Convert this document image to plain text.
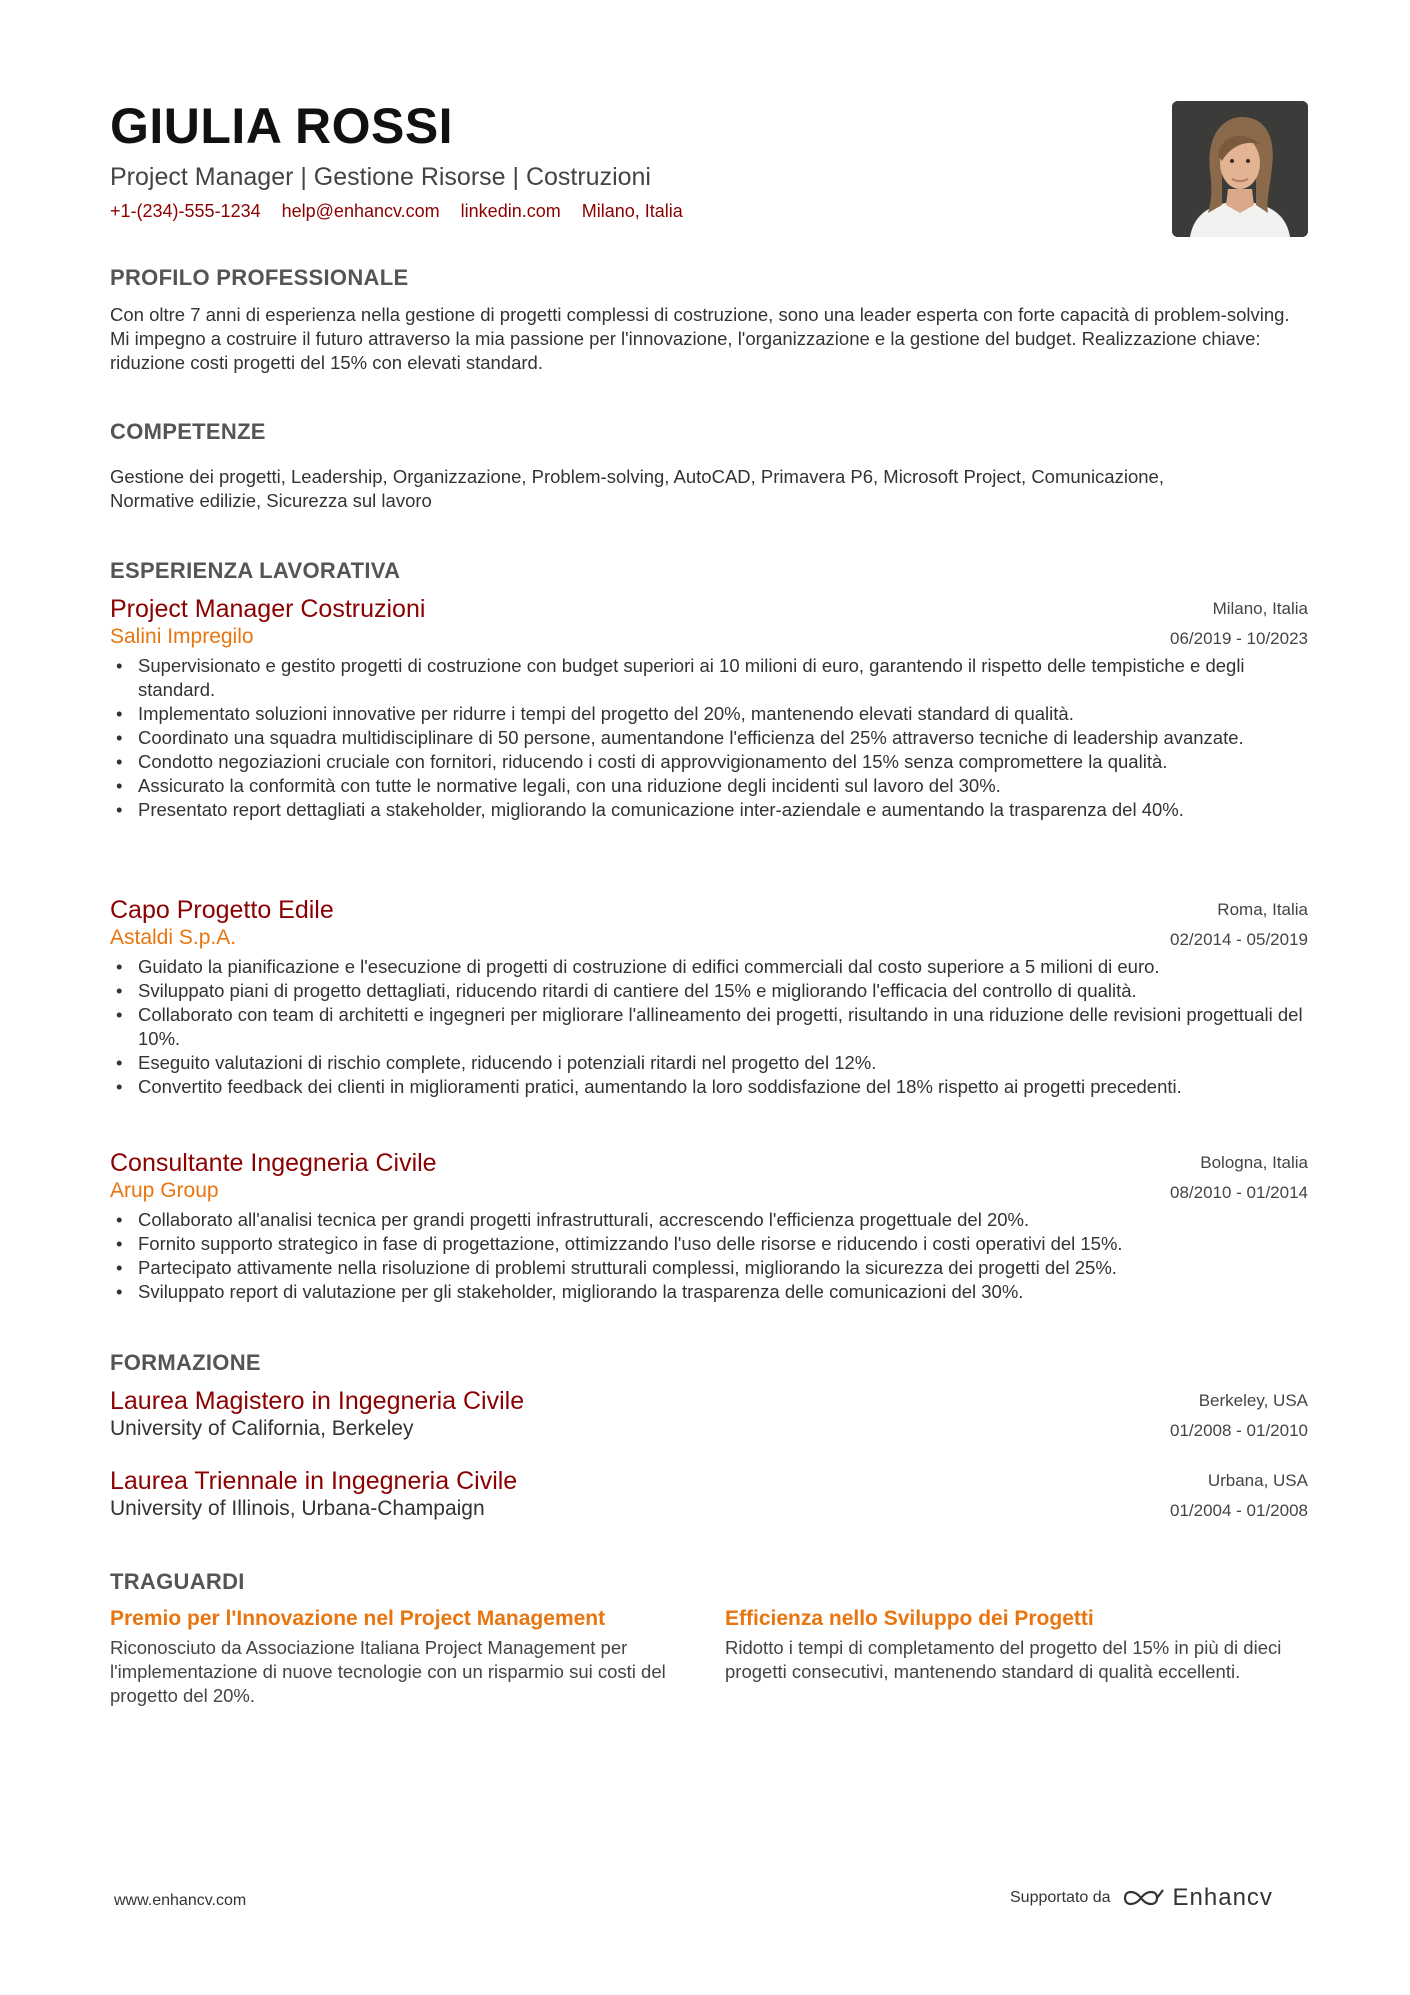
GIULIA ROSSI
Project Manager | Gestione Risorse | Costruzioni
+1-(234)-555-1234 help@enhancv.com linkedin.com Milano, Italia
PROFILO PROFESSIONALE
Con oltre 7 anni di esperienza nella gestione di progetti complessi di costruzione, sono una leader esperta con forte capacità di problem-solving. Mi impegno a costruire il futuro attraverso la mia passione per l'innovazione, l'organizzazione e la gestione del budget. Realizzazione chiave: riduzione costi progetti del 15% con elevati standard.
COMPETENZE
Gestione dei progetti, Leadership, Organizzazione, Problem-solving, AutoCAD, Primavera P6, Microsoft Project, Comunicazione, Normative edilizie, Sicurezza sul lavoro
ESPERIENZA LAVORATIVA
Milano, Italia
06/2019 - 10/2023
Project Manager Costruzioni
Salini Impregilo
• Supervisionato e gestito progetti di costruzione con budget superiori ai 10 milioni di euro, garantendo il rispetto delle tempistiche e degli standard.
• Implementato soluzioni innovative per ridurre i tempi del progetto del 20%, mantenendo elevati standard di qualità.
• Coordinato una squadra multidisciplinare di 50 persone, aumentandone l'efficienza del 25% attraverso tecniche di leadership avanzate.
• Condotto negoziazioni cruciale con fornitori, riducendo i costi di approvvigionamento del 15% senza compromettere la qualità.
• Assicurato la conformità con tutte le normative legali, con una riduzione degli incidenti sul lavoro del 30%.
• Presentato report dettagliati a stakeholder, migliorando la comunicazione inter-aziendale e aumentando la trasparenza del 40%.
Roma, Italia
02/2014 - 05/2019
Capo Progetto Edile
Astaldi S.p.A.
• Guidato la pianificazione e l'esecuzione di progetti di costruzione di edifici commerciali dal costo superiore a 5 milioni di euro.
• Sviluppato piani di progetto dettagliati, riducendo ritardi di cantiere del 15% e migliorando l'efficacia del controllo di qualità.
• Collaborato con team di architetti e ingegneri per migliorare l'allineamento dei progetti, risultando in una riduzione delle revisioni progettuali del 10%.
• Eseguito valutazioni di rischio complete, riducendo i potenziali ritardi nel progetto del 12%.
• Convertito feedback dei clienti in miglioramenti pratici, aumentando la loro soddisfazione del 18% rispetto ai progetti precedenti.
Bologna, Italia
08/2010 - 01/2014
Consultante Ingegneria Civile
Arup Group
• Collaborato all'analisi tecnica per grandi progetti infrastrutturali, accrescendo l'efficienza progettuale del 20%.
• Fornito supporto strategico in fase di progettazione, ottimizzando l'uso delle risorse e riducendo i costi operativi del 15%.
• Partecipato attivamente nella risoluzione di problemi strutturali complessi, migliorando la sicurezza dei progetti del 25%.
• Sviluppato report di valutazione per gli stakeholder, migliorando la trasparenza delle comunicazioni del 30%.
FORMAZIONE
Berkeley, USA
01/2008 - 01/2010
Laurea Magistero in Ingegneria Civile
University of California, Berkeley
Urbana, USA
01/2004 - 01/2008
Laurea Triennale in Ingegneria Civile
University of Illinois, Urbana-Champaign
TRAGUARDI
Premio per l'Innovazione nel Project Management
Riconosciuto da Associazione Italiana Project Management per l'implementazione di nuove tecnologie con un risparmio sui costi del progetto del 20%.
Efficienza nello Sviluppo dei Progetti
Ridotto i tempi di completamento del progetto del 15% in più di dieci progetti consecutivi, mantenendo standard di qualità eccellenti.
www.enhancv.com	Supportato da	Enhancv
